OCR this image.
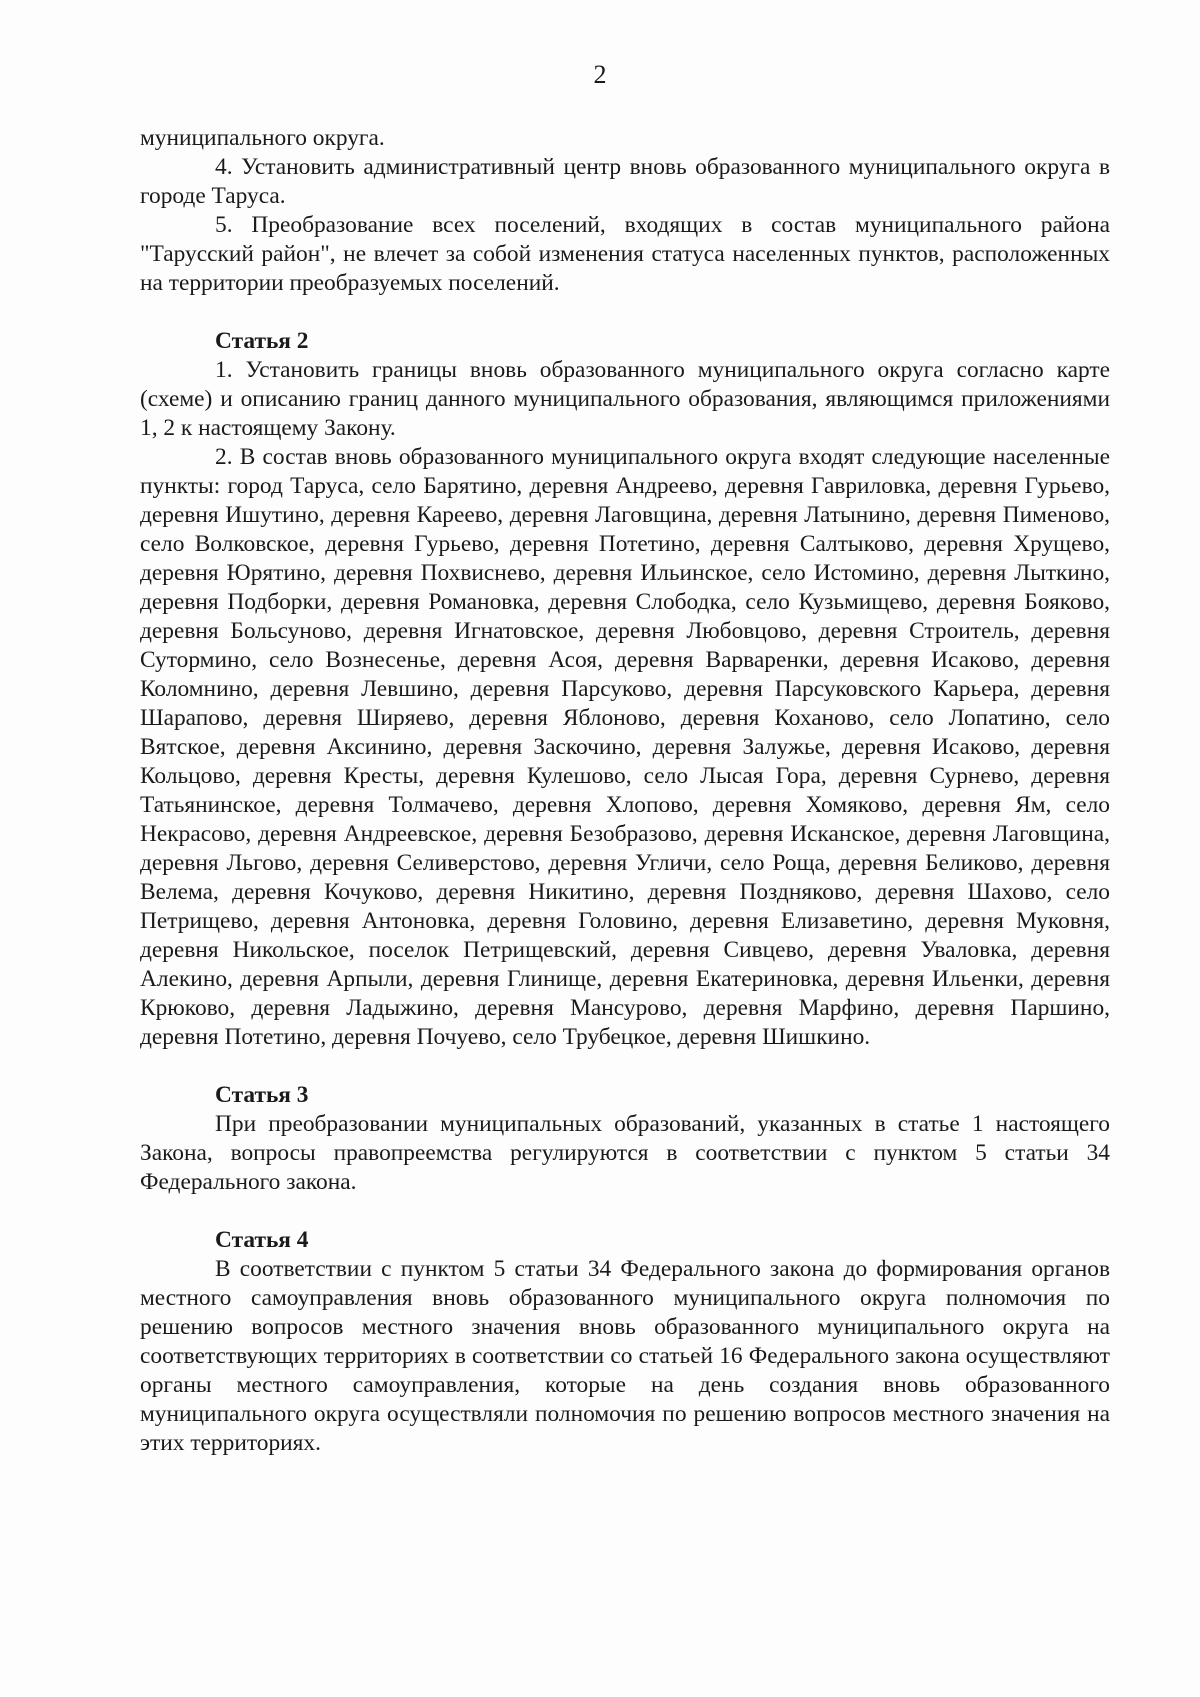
2

муниципального округа.

4. Установить административный центр вновь образованного муниципального округа в городе Таруса.

5. Преобразование всех поселений, входящих в состав муниципального района "Тарусский район", не влечет за собой изменения статуса населенных пунктов, расположенных на территории преобразуемых поселений.

Статья 2

1. Установить границы вновь образованного муниципального округа согласно карте (схеме) и описанию границ данного муниципального образования, являющимся приложениями 1, 2 к настоящему Закону.

2. В состав вновь образованного муниципального округа входят следующие населенные пункты: город Таруса, село Барятино, деревня Андреево, деревня Гавриловка, деревня Гурьево, деревня Ишутино, деревня Кареево, деревня Лаговщина, деревня Латынино, деревня Пименово, село Волковское, деревня Гурьево, деревня Потетино, деревня Салтыково, деревня Хрущево, деревня Юрятино, деревня Похвиснево, деревня Ильинское, село Истомино, деревня Лыткино, деревня Подборки, деревня Романовка, деревня Слободка, село Кузьмищево, деревня Бояково, деревня Больсуново, деревня Игнатовское, деревня Любовцово, деревня Строитель, деревня Сутормино, село Вознесенье, деревня Асоя, деревня Варваренки, деревня Исаково, деревня Коломнино, деревня Левшино, деревня Парсуково, деревня Парсуковского Карьера, деревня Шарапово, деревня Ширяево, деревня Яблоново, деревня Коханово, село Лопатино, село Вятское, деревня Аксинино, деревня Заскочино, деревня Залужье, деревня Исаково, деревня Кольцово, деревня Кресты, деревня Кулешово, село Лысая Гора, деревня Сурнево, деревня Татьянинское, деревня Толмачево, деревня Хлопово, деревня Хомяково, деревня Ям, село Некрасово, деревня Андреевское, деревня Безобразово, деревня Исканское, деревня Лаговщина, деревня Льгово, деревня Селиверстово, деревня Угличи, село Роща, деревня Беликово, деревня Велема, деревня Кочуково, деревня Никитино, деревня Поздняково, деревня Шахово, село Петрищево, деревня Антоновка, деревня Головино, деревня Елизаветино, деревня Муковня, деревня Никольское, поселок Петрищевский, деревня Сивцево, деревня Уваловка, деревня Алекино, деревня Арпыли, деревня Глинище, деревня Екатериновка, деревня Ильенки, деревня Крюково, деревня Ладыжино, деревня Мансурово, деревня Марфино, деревня Паршино, деревня Потетино, деревня Почуево, село Трубецкое, деревня Шишкино.

Статья 3

При преобразовании муниципальных образований, указанных в статье 1 настоящего Закона, вопросы правопреемства регулируются в соответствии с пунктом 5 статьи 34 Федерального закона.

Статья 4

В соответствии с пунктом 5 статьи 34 Федерального закона до формирования органов местного самоуправления вновь образованного муниципального округа полномочия по решению вопросов местного значения вновь образованного муниципального округа на соответствующих территориях в соответствии со статьей 16 Федерального закона осуществляют органы местного самоуправления, которые на день создания вновь образованного муниципального округа осуществляли полномочия по решению вопросов местного значения на этих территориях.
